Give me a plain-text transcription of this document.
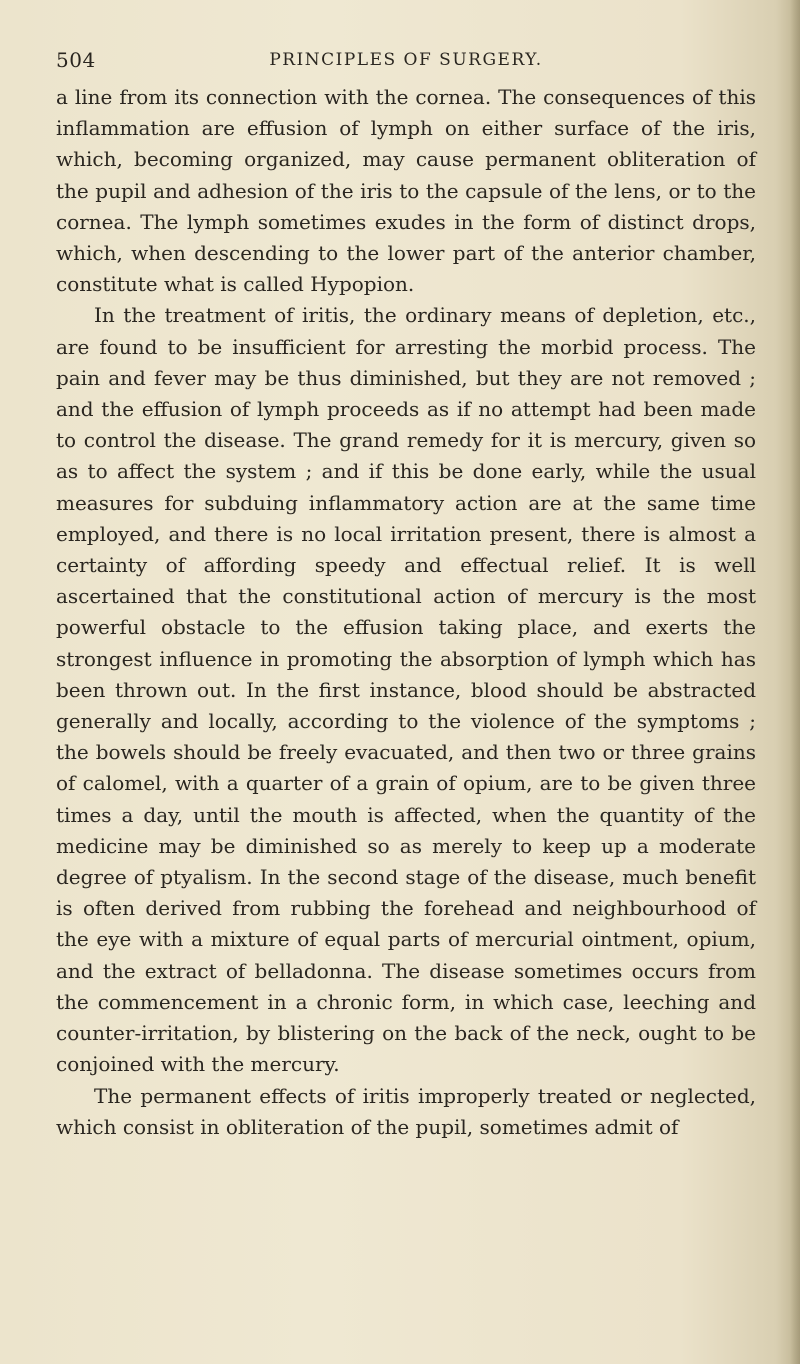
504	PRINCIPLES OF SURGERY.

a line from its connection with the cornea. The consequences of this inflammation are effusion of lymph on either surface of the iris, which, becoming organized, may cause permanent obliteration of the pupil and adhesion of the iris to the capsule of the lens, or to the cornea. The lymph sometimes exudes in the form of distinct drops, which, when descending to the lower part of the anterior chamber, constitute what is called Hypopion.

In the treatment of iritis, the ordinary means of depletion, etc., are found to be insufficient for arresting the morbid process. The pain and fever may be thus diminished, but they are not removed ; and the effusion of lymph proceeds as if no attempt had been made to control the disease. The grand remedy for it is mercury, given so as to affect the system ; and if this be done early, while the usual measures for subduing inflammatory action are at the same time employed, and there is no local irritation present, there is almost a certainty of affording speedy and effectual relief. It is well ascertained that the constitutional action of mercury is the most powerful obstacle to the effusion taking place, and exerts the strongest influence in promoting the absorption of lymph which has been thrown out. In the first instance, blood should be abstracted generally and locally, according to the violence of the symptoms ; the bowels should be freely evacuated, and then two or three grains of calomel, with a quarter of a grain of opium, are to be given three times a day, until the mouth is affected, when the quantity of the medicine may be diminished so as merely to keep up a moderate degree of ptyalism. In the second stage of the disease, much benefit is often derived from rubbing the forehead and neighbourhood of the eye with a mixture of equal parts of mercurial ointment, opium, and the extract of belladonna. The disease sometimes occurs from the commencement in a chronic form, in which case, leeching and counter-irritation, by blistering on the back of the neck, ought to be conjoined with the mercury.

The permanent effects of iritis improperly treated or neglected, which consist in obliteration of the pupil, sometimes admit of
